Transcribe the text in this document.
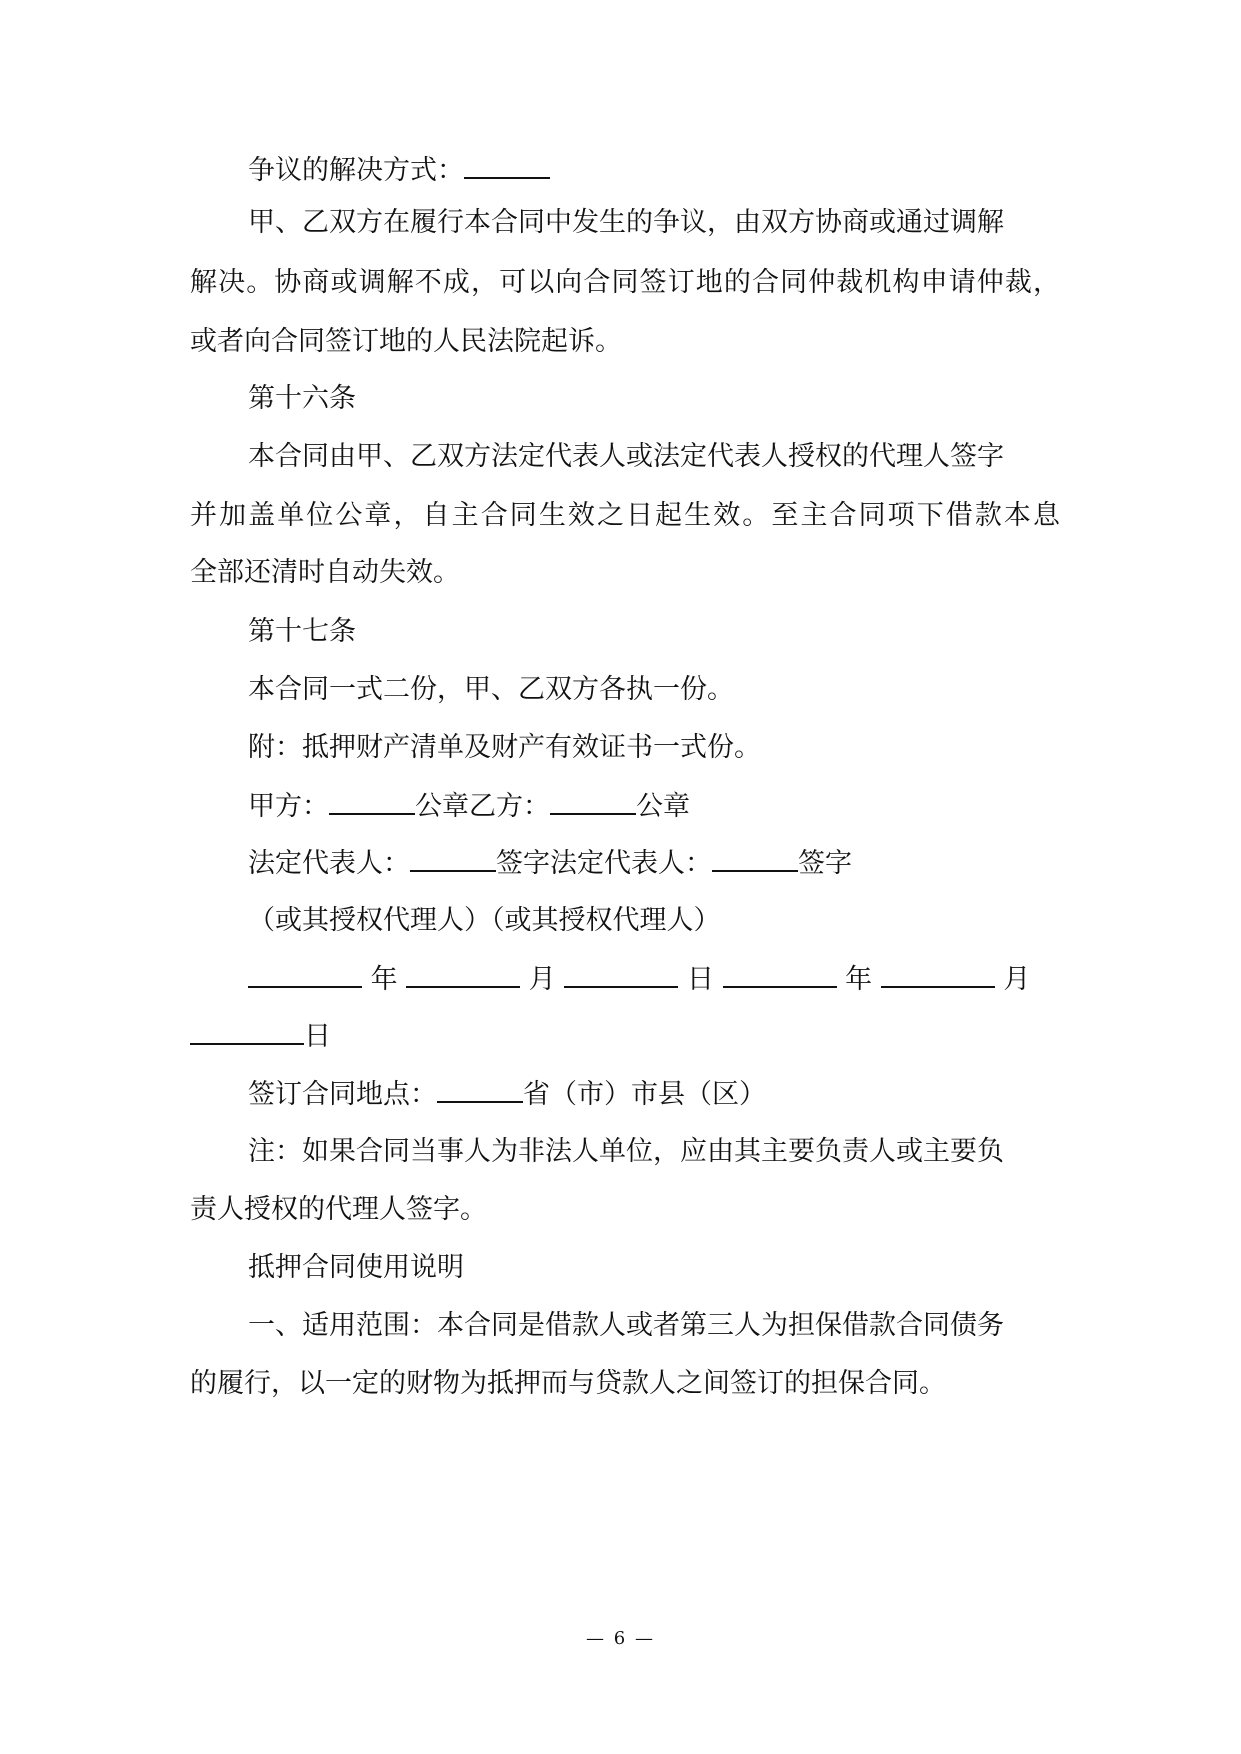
争议的解决方式：
甲、乙双方在履行本合同中发生的争议，由双方协商或通过调解
解决。协商或调解不成，可以向合同签订地的合同仲裁机构申请仲裁，
或者向合同签订地的人民法院起诉。
第十六条
本合同由甲、乙双方法定代表人或法定代表人授权的代理人签字
并加盖单位公章，自主合同生效之日起生效。至主合同项下借款本息
全部还清时自动失效。
第十七条
本合同一式二份，甲、乙双方各执一份。
附：抵押财产清单及财产有效证书一式份。
甲方：	公章乙方：	公章
法定代表人：	签字法定代表人：	签字
（或其授权代理人）（或其授权代理人）
年	月	日	年	月
日
签订合同地点：	省（市）市县（区）
注：如果合同当事人为非法人单位，应由其主要负责人或主要负
责人授权的代理人签字。
抵押合同使用说明
一、适用范围：本合同是借款人或者第三人为担保借款合同债务
的履行，以一定的财物为抵押而与贷款人之间签订的担保合同。
— 6 —
